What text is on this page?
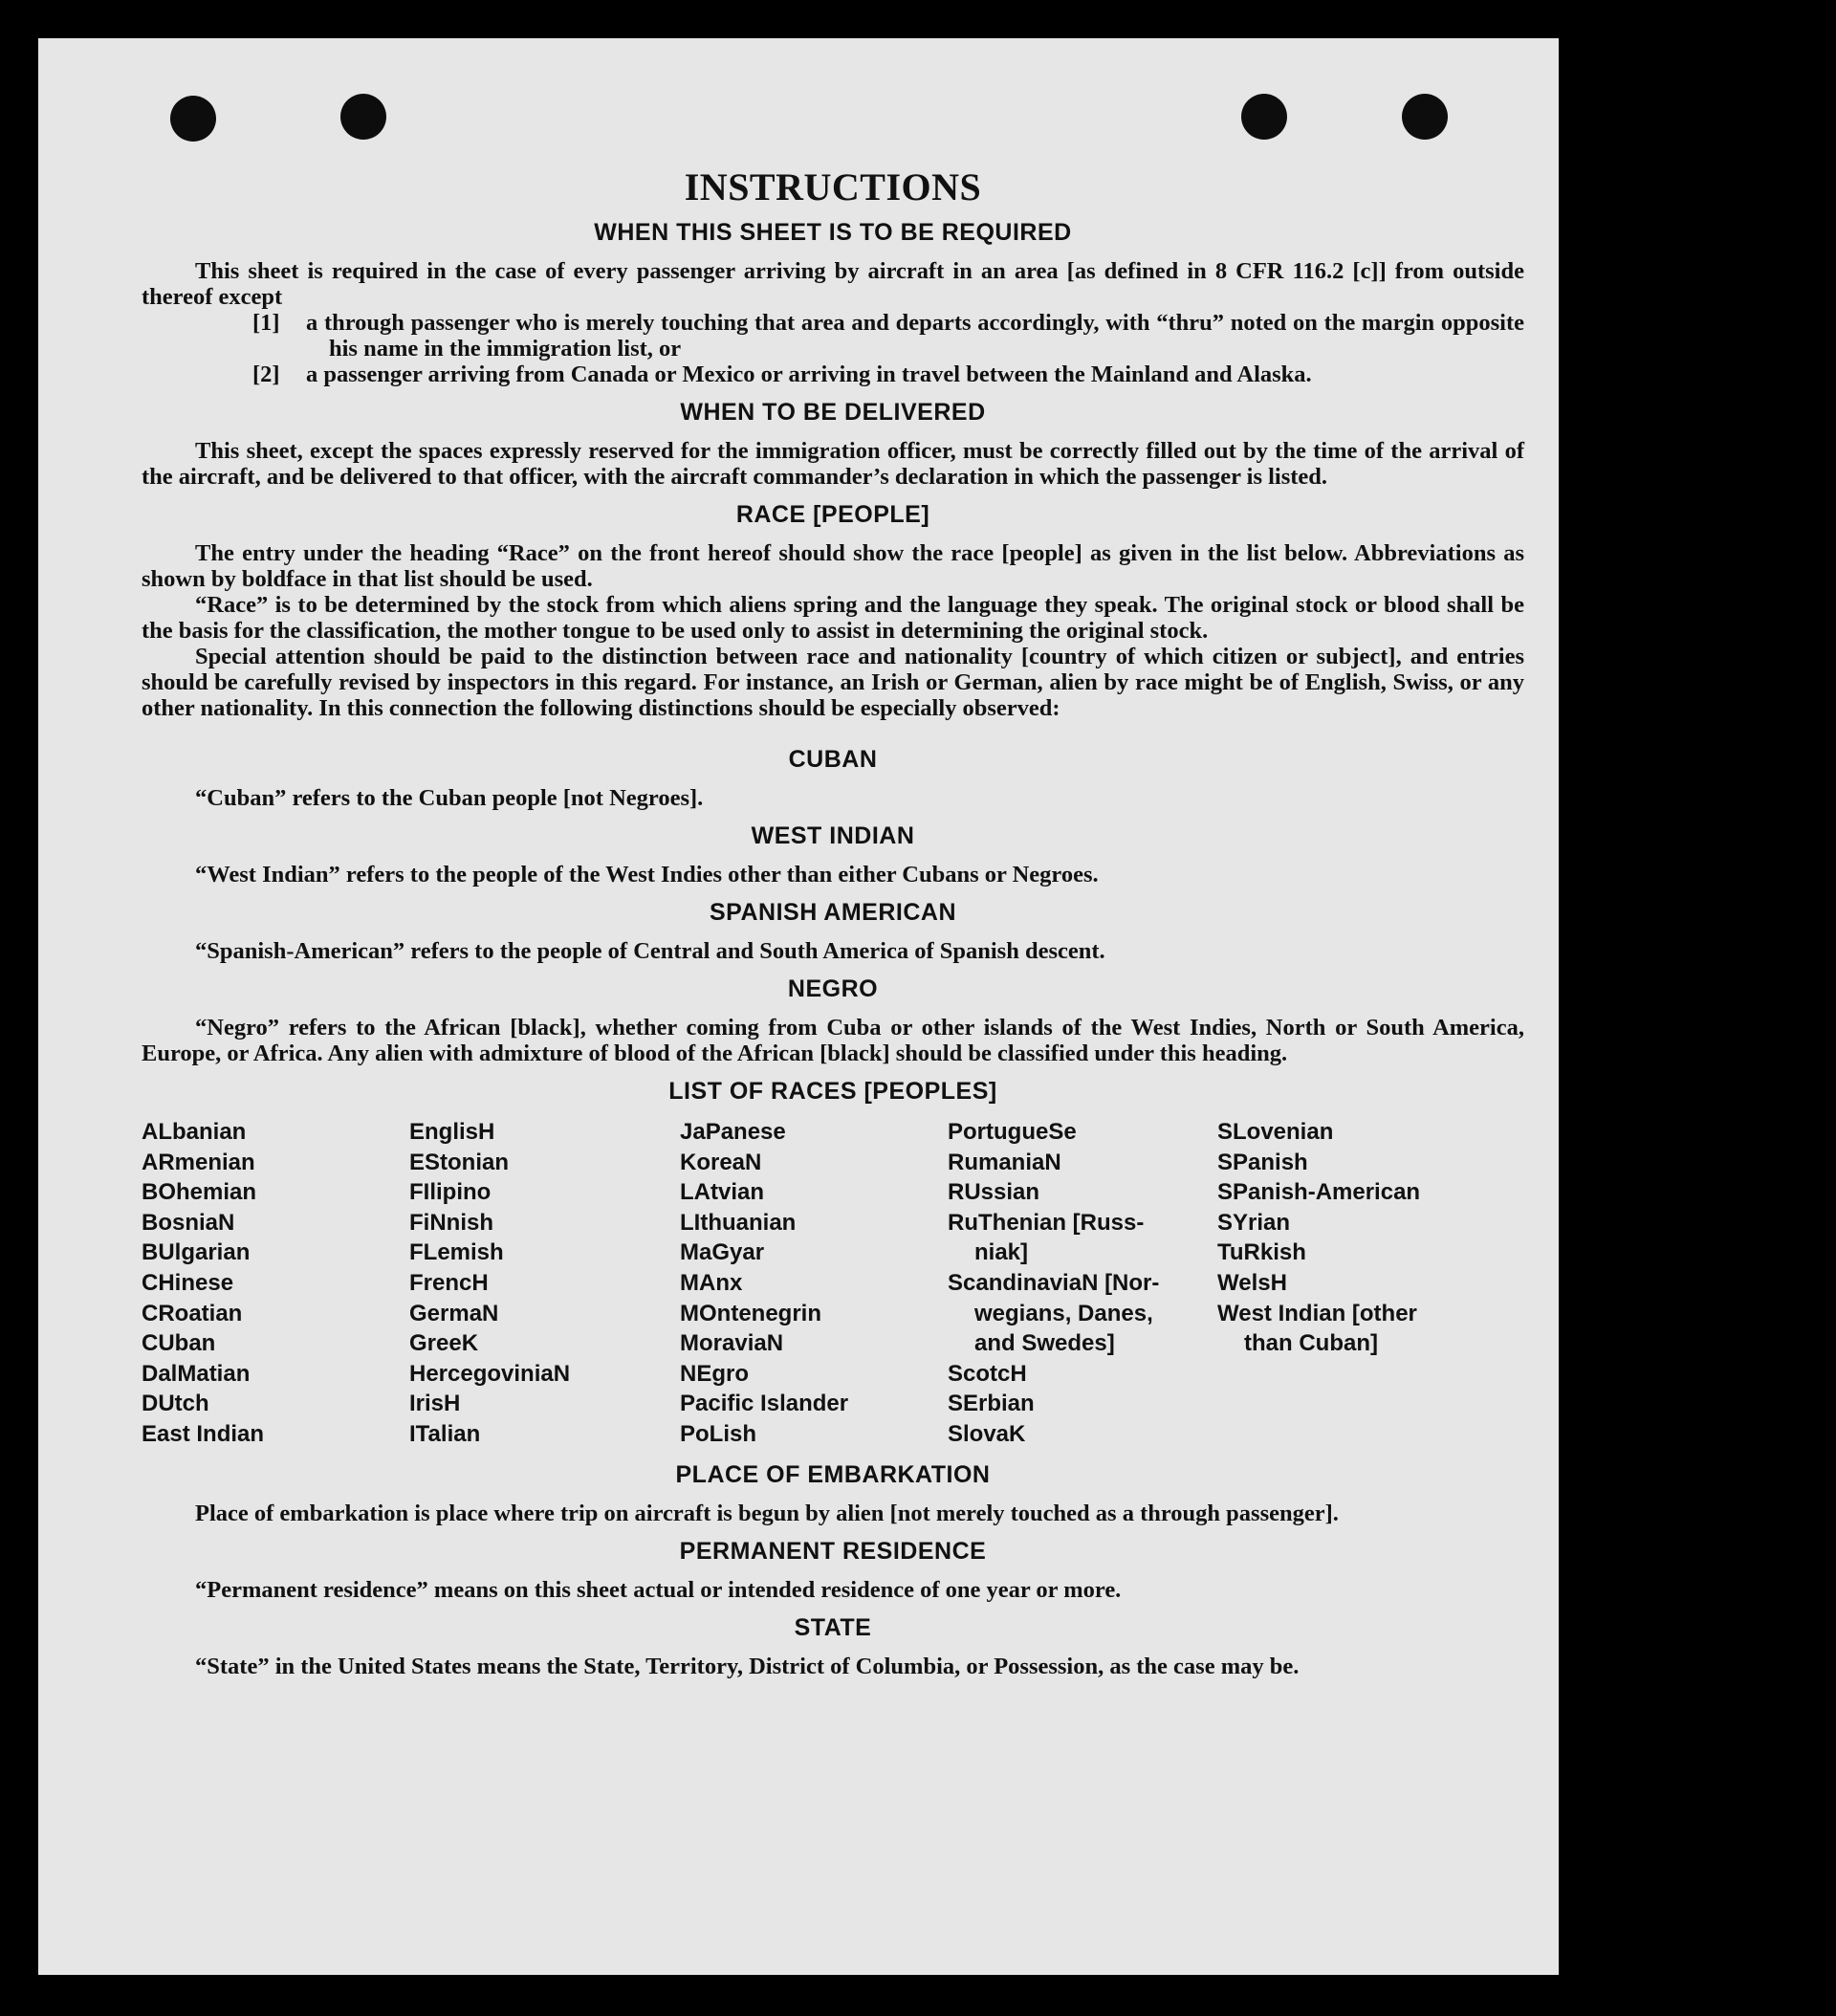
INSTRUCTIONS
WHEN THIS SHEET IS TO BE REQUIRED

This sheet is required in the case of every passenger arriving by aircraft in an area [as defined in 8 CFR 116.2 [c]] from outside thereof except

[1] a through passenger who is merely touching that area and departs accordingly, with “thru” noted on the margin opposite his name in the immigration list, or

[2] a passenger arriving from Canada or Mexico or arriving in travel between the Mainland and Alaska.

WHEN TO BE DELIVERED

This sheet, except the spaces expressly reserved for the immigration officer, must be correctly filled out by the time of the arrival of the aircraft, and be delivered to that officer, with the aircraft commander’s declaration in which the passenger is listed.

RACE [PEOPLE]

The entry under the heading “Race” on the front hereof should show the race [people] as given in the list below. Abbreviations as shown by boldface in that list should be used.

“Race” is to be determined by the stock from which aliens spring and the language they speak. The original stock or blood shall be the basis for the classification, the mother tongue to be used only to assist in determining the original stock.

Special attention should be paid to the distinction between race and nationality [country of which citizen or subject], and entries should be carefully revised by inspectors in this regard. For instance, an Irish or German, alien by race might be of English, Swiss, or any other nationality. In this connection the following distinctions should be especially observed:

CUBAN

“Cuban” refers to the Cuban people [not Negroes].

WEST INDIAN

“West Indian” refers to the people of the West Indies other than either Cubans or Negroes.

SPANISH AMERICAN

“Spanish-American” refers to the people of Central and South America of Spanish descent.

NEGRO

“Negro” refers to the African [black], whether coming from Cuba or other islands of the West Indies, North or South America, Europe, or Africa. Any alien with admixture of blood of the African [black] should be classified under this heading.

LIST OF RACES [PEOPLES]
ALbanian
ARmenian
BOhemian
BosniaN
BUlgarian
CHinese
CRoatian
CUban
DalMatian
DUtch
East Indian
EnglisH
EStonian
FIlipino
FiNnish
FLemish
FrencH
GermaN
GreeK
HercegovinіaN
IrisH
ITalian
JaPanese
KoreaN
LAtvian
LIthuanian
MaGyar
MAnx
MOntenegrin
MoraviaN
NEgro
Pacific Islander
PoLish
PortugueSe
RumaniaN
RUssian
RuThenian [Russ-
niak]
ScandinaviaN [Nor-
wegians, Danes,
and Swedes]
ScotcH
SErbian
SlovaK
SLovenian
SPanish
SPanish-American
SYrian
TuRkish
WelsH
West Indian [other
than Cuban]
PLACE OF EMBARKATION

Place of embarkation is place where trip on aircraft is begun by alien [not merely touched as a through passenger].

PERMANENT RESIDENCE

“Permanent residence” means on this sheet actual or intended residence of one year or more.

STATE

“State” in the United States means the State, Territory, District of Columbia, or Possession, as the case may be.
